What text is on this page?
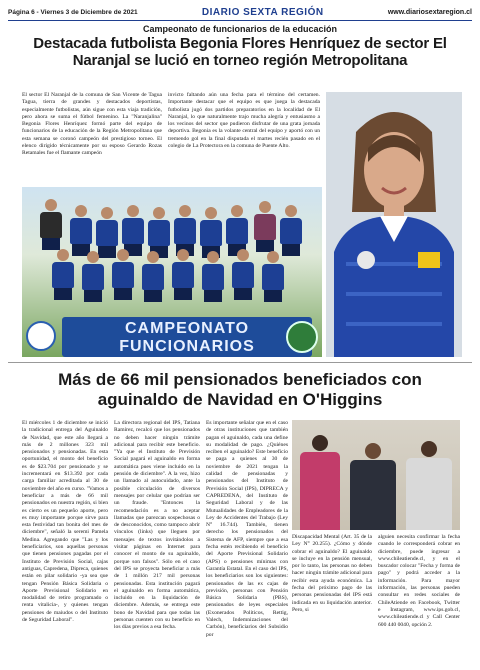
Página 6 - Viernes 3 de Diciembre de 2021	DIARIO SEXTA REGIÓN	www.diariosextaregion.cl
Campeonato de funcionarios de la educación
Destacada futbolista Begonia Flores Henríquez de sector El Naranjal se lució en torneo región Metropolitana
El sector El Naranjal de la comuna de San Vicente de Tagua Tagua, tierra de grandes y destacados deportistas, especialmente futbolistas, aún sigue con esta viaja tradición, pero ahora se suma el fútbol femenino. La "Naranjalina" Begonia Flores Henríquez formó parte del equipo de funcionarios de la educación de la Región Metropolitana que esta semana se coronó campeón del prestigioso torneo. El elenco dirigido técnicamente por su esposo Gerardo Rozas Retamales fue el flamante campeón
invicto faltando aún una fecha para el término del certamen. Importante destacar que el equipo es que juega la destacada futbolista jugó dos partidos preparatorios en la localidad de El Naranjal, lo que naturalmente trajo mucha alegría y entusiasmo a los vecinos del sector que pudieron disfrutar de una grata jornada deportiva. Begonia es la volante central del equipo y aportó con un tremendo gol en la final disputada el martes recién pasado en el colegio de La Protectora en la comuna de Puente Alto.
CAMPEONATO FUNCIONARIOS
Más de 66 mil pensionados beneficiados con aguinaldo de Navidad en O'Higgins
El miércoles 1 de diciembre se inició la tradicional entrega del Aguinaldo de Navidad, que este año llegará a más de 2 millones 323 mil pensionados y pensionadas. En esta oportunidad, el monto del beneficio es de $23.704 por pensionado y se incrementará en $13.392 por cada carga familiar acreditada al 30 de noviembre del año en curso. "Vamos a beneficiar a más de 66 mil pensionados en nuestra región, si bien es cierto es un pequeño aporte, pero es muy importante porque sirve para esta festividad tan bonita del mes de diciembre", señaló la seremi Pamela Medina. Agregando que "Las y los beneficiarios, son aquellas personas que tienen pensiones pagadas por el Instituto de Previsión Social, cajas antiguas, Capredena, Dipreca, quienes están en pilar solidario -ya sea que tengan Pensión Básica Solidaria o Aporte Previsional Solidario en modalidad de retiro programado o renta vitalicia-, y quienes tengan pensiones de maiudos o del Instituto de Seguridad Laboral".
La directora regional del IPS, Tatiana Ramírez, recalcó que los pensionados no deben hacer ningún trámite adicional para recibir este beneficio. "Ya que el Instituto de Previsión Social pagará el aguinaldo en forma automática pues viene incluido en la pensión de diciembre". A la vez, hizo un llamado al autocuidado, ante la posible circulación de diversos mensajes por celular que podrían ser un fraude. "Entonces la recomendación es a no aceptar llamadas que parezcan sospechosas o de desconocidos, como tampoco abrir vínculos (links) que lleguen por mensajes de textos invitándolos a visitar páginas en Internet para conocer el monto de su aguinaldo, porque son falsos". Sólo en el caso del IPS se proyecta beneficiar a más de 1 millón 217 mil personas pensionadas. Esta institución pagará el aguinaldo en forma automática, incluido en la liquidación de diciembre. Además, se entrega este bono de Navidad para que todas las personas cuenten con su beneficio en los días previos a esa fecha.
Es importante señalar que en el caso de otras instituciones que también pagan el aguinaldo, cada una define su modalidad de pago. ¿Quiénes reciben el aguinaldo? Este beneficio se paga a quienes al 30 de noviembre de 2021 tengan la calidad de pensionadas y pensionados del Instituto de Previsión Social (IPS), DIPRECA y CAPREDENA, del Instituto de Seguridad Laboral y de las Mutualidades de Empleadores de la Ley de Accidentes del Trabajo (Ley N° 16.744). También, tienen derecho los pensionados del Sistema de AFP, siempre que a esa fecha estén recibiendo el beneficio del Aporte Previsional Solidario (APS) o pensiones mínimas con Garantía Estatal. En el caso del IPS, los beneficiarios son los siguientes: pensionados de las ex cajas de previsión, personas con Pensión Básica Solidaria (PBS), pensionados de leyes especiales (Exonerados Políticos, Rettig, Valech, Indemnizaciones del Carbón), beneficiarios del Subsidio por
Discapacidad Mental (Art. 35 de la Ley N° 20.255). ¿Cómo y dónde cobrar el aguinaldo? El aguinaldo se incluye en la pensión mensual, por lo tanto, las personas no deben hacer ningún trámite adicional para recibir esta ayuda económica. La fecha del próximo pago de las personas pensionadas del IPS está indicada en su liquidación anterior. Pero, si
alguien necesita confirmar la fecha cuando le corresponderá cobrar en diciembre, puede ingresar a www.chileatiende.cl, y en el buscador colocar "Fecha y forma de pago" y podrá acceder a la información. Para mayor información, las personas pueden consultar en redes sociales de ChileAtiende en Facebook, Twitter e Instagram, www.ips.gob.cl, www.chileatiende.cl y Call Center 600 440 0040, opción 2.
